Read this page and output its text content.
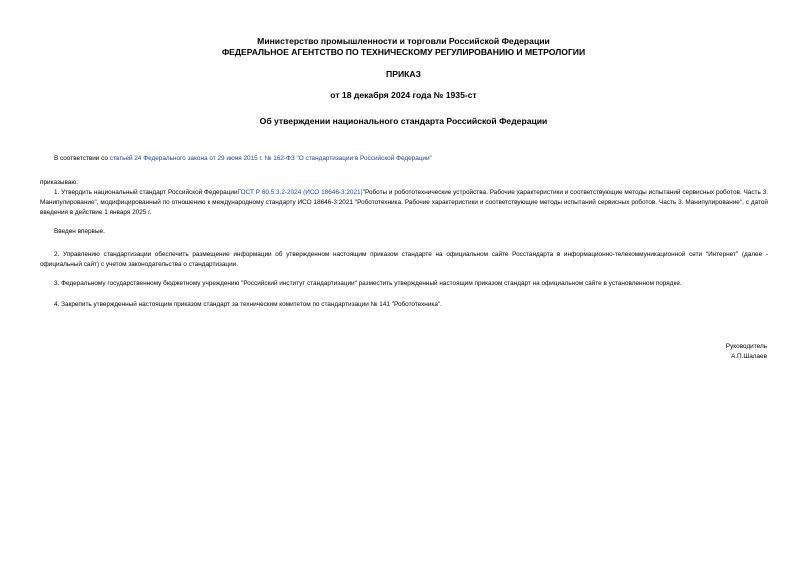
Министерство промышленности и торговли Российской Федерации
ФЕДЕРАЛЬНОЕ АГЕНТСТВО ПО ТЕХНИЧЕСКОМУ РЕГУЛИРОВАНИЮ И МЕТРОЛОГИИ
ПРИКАЗ
от 18 декабря 2024 года № 1935-ст
Об утверждении национального стандарта Российской Федерации
В соответствии со статьей 24 Федерального закона от 29 июня 2015 г. № 162-ФЗ "О стандартизации в Российской Федерации"
приказываю:
1. Утвердить национальный стандарт Российской ФедерацииГОСТ Р 60.5.3.2-2024 (ИСО 18646-3:2021)"Роботы и робототехнические устройства. Рабочие характеристики и соответствующие методы испытаний сервисных роботов. Часть 3. Манипулирование", модифицированный по отношению к международному стандарту ИСО 18646-3:2021 "Робототехника. Рабочие характеристики и соответствующие методы испытаний сервисных роботов. Часть 3. Манипулирование", с датой введения в действие 1 января 2025 г.
Введен впервые.
2. Управлению стандартизации обеспечить размещение информации об утвержденном настоящим приказом стандарте на официальном сайте Росстандарта в информационно-телекоммуникационной сети "Интернет" (далее - официальный сайт) с учетом законодательства о стандартизации.
3. Федеральному государственному бюджетному учреждению "Российский институт стандартизации" разместить утвержденный настоящим приказом стандарт на официальном сайте в установленном порядке.
4. Закрепить утвержденный настоящим приказом стандарт за техническим комитетом по стандартизации № 141 "Робототехника".
Руководитель
А.П.Шалаев
